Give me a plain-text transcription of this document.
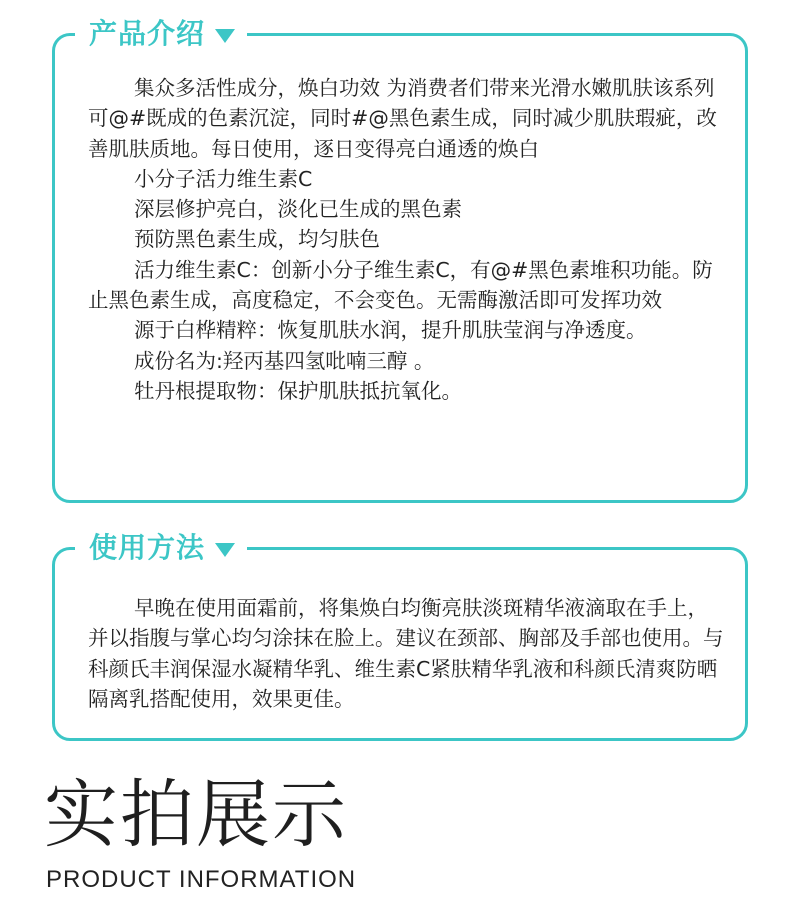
产品介绍

集众多活性成分，焕白功效 为消费者们带来光滑水嫩肌肤该系列可@#既成的色素沉淀，同时#@黑色素生成，同时减少肌肤瑕疵，改善肌肤质地。每日使用，逐日变得亮白通透的焕白

小分子活力维生素C

深层修护亮白，淡化已生成的黑色素

预防黑色素生成，均匀肤色

活力维生素C：创新小分子维生素C，有@#黑色素堆积功能。防止黑色素生成，高度稳定，不会变色。无需酶激活即可发挥功效

源于白桦精粹：恢复肌肤水润，提升肌肤莹润与净透度。

成份名为:羟丙基四氢吡喃三醇 。

牡丹根提取物：保护肌肤抵抗氧化。

使用方法

早晚在使用面霜前，将集焕白均衡亮肤淡斑精华液滴取在手上，并以指腹与掌心均匀涂抹在脸上。建议在颈部、胸部及手部也使用。与科颜氏丰润保湿水凝精华乳、维生素C紧肤精华乳液和科颜氏清爽防晒隔离乳搭配使用，效果更佳。

实拍展示
PRODUCT INFORMATION
